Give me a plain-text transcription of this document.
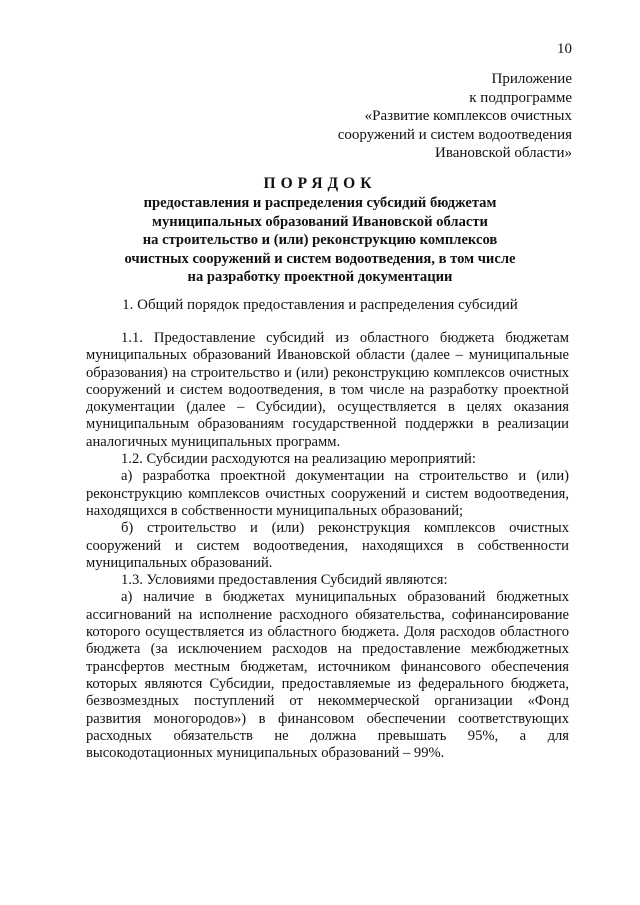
10
Приложение
к подпрограмме
«Развитие комплексов очистных
сооружений и систем водоотведения
Ивановской области»
ПОРЯДОК
предоставления и распределения субсидий бюджетам
муниципальных образований Ивановской области
на строительство и (или) реконструкцию комплексов
очистных сооружений и систем водоотведения, в том числе
на разработку проектной документации
1. Общий порядок предоставления и распределения субсидий

1.1. Предоставление субсидий из областного бюджета бюджетам муниципальных образований Ивановской области (далее – муниципальные образования) на строительство и (или) реконструкцию комплексов очистных сооружений и систем водоотведения, в том числе на разработку проектной документации (далее – Субсидии), осуществляется в целях оказания муниципальным образованиям государственной поддержки в реализации аналогичных муниципальных программ.

1.2. Субсидии расходуются на реализацию мероприятий:

а) разработка проектной документации на строительство и (или) реконструкцию комплексов очистных сооружений и систем водоотведения, находящихся в собственности муниципальных образований;

б) строительство и (или) реконструкция комплексов очистных сооружений и систем водоотведения, находящихся в собственности муниципальных образований.

1.3. Условиями предоставления Субсидий являются:

а) наличие в бюджетах муниципальных образований бюджетных ассигнований на исполнение расходного обязательства, софинансирование которого осуществляется из областного бюджета. Доля расходов областного бюджета (за исключением расходов на предоставление межбюджетных трансфертов местным бюджетам, источником финансового обеспечения которых являются Субсидии, предоставляемые из федерального бюджета, безвозмездных поступлений от некоммерческой организации «Фонд развития моногородов») в финансовом обеспечении соответствующих расходных обязательств не должна превышать 95%, а для высокодотационных муниципальных образований – 99%.
